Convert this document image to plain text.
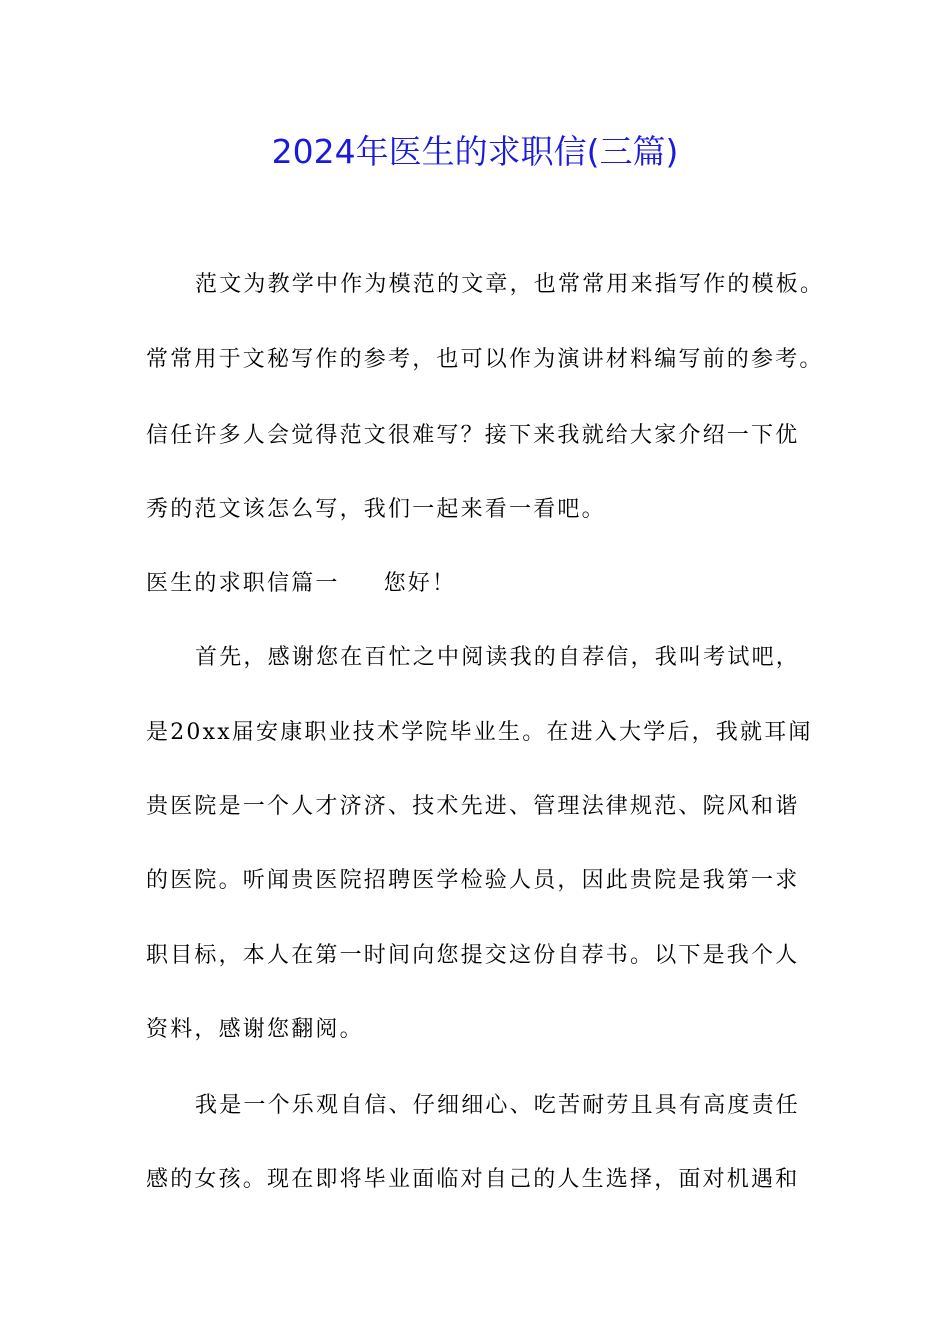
2024年医生的求职信(三篇)
范文为教学中作为模范的文章，也常常用来指写作的模板。
常常用于文秘写作的参考，也可以作为演讲材料编写前的参考。
信任许多人会觉得范文很难写？接下来我就给大家介绍一下优
秀的范文该怎么写，我们一起来看一看吧。
医生的求职信篇一 您好！
首先，感谢您在百忙之中阅读我的自荐信，我叫考试吧，
是20xx届安康职业技术学院毕业生。在进入大学后，我就耳闻
贵医院是一个人才济济、技术先进、管理法律规范、院风和谐
的医院。听闻贵医院招聘医学检验人员，因此贵院是我第一求
职目标，本人在第一时间向您提交这份自荐书。以下是我个人
资料，感谢您翻阅。
我是一个乐观自信、仔细细心、吃苦耐劳且具有高度责任
感的女孩。现在即将毕业面临对自己的人生选择，面对机遇和
